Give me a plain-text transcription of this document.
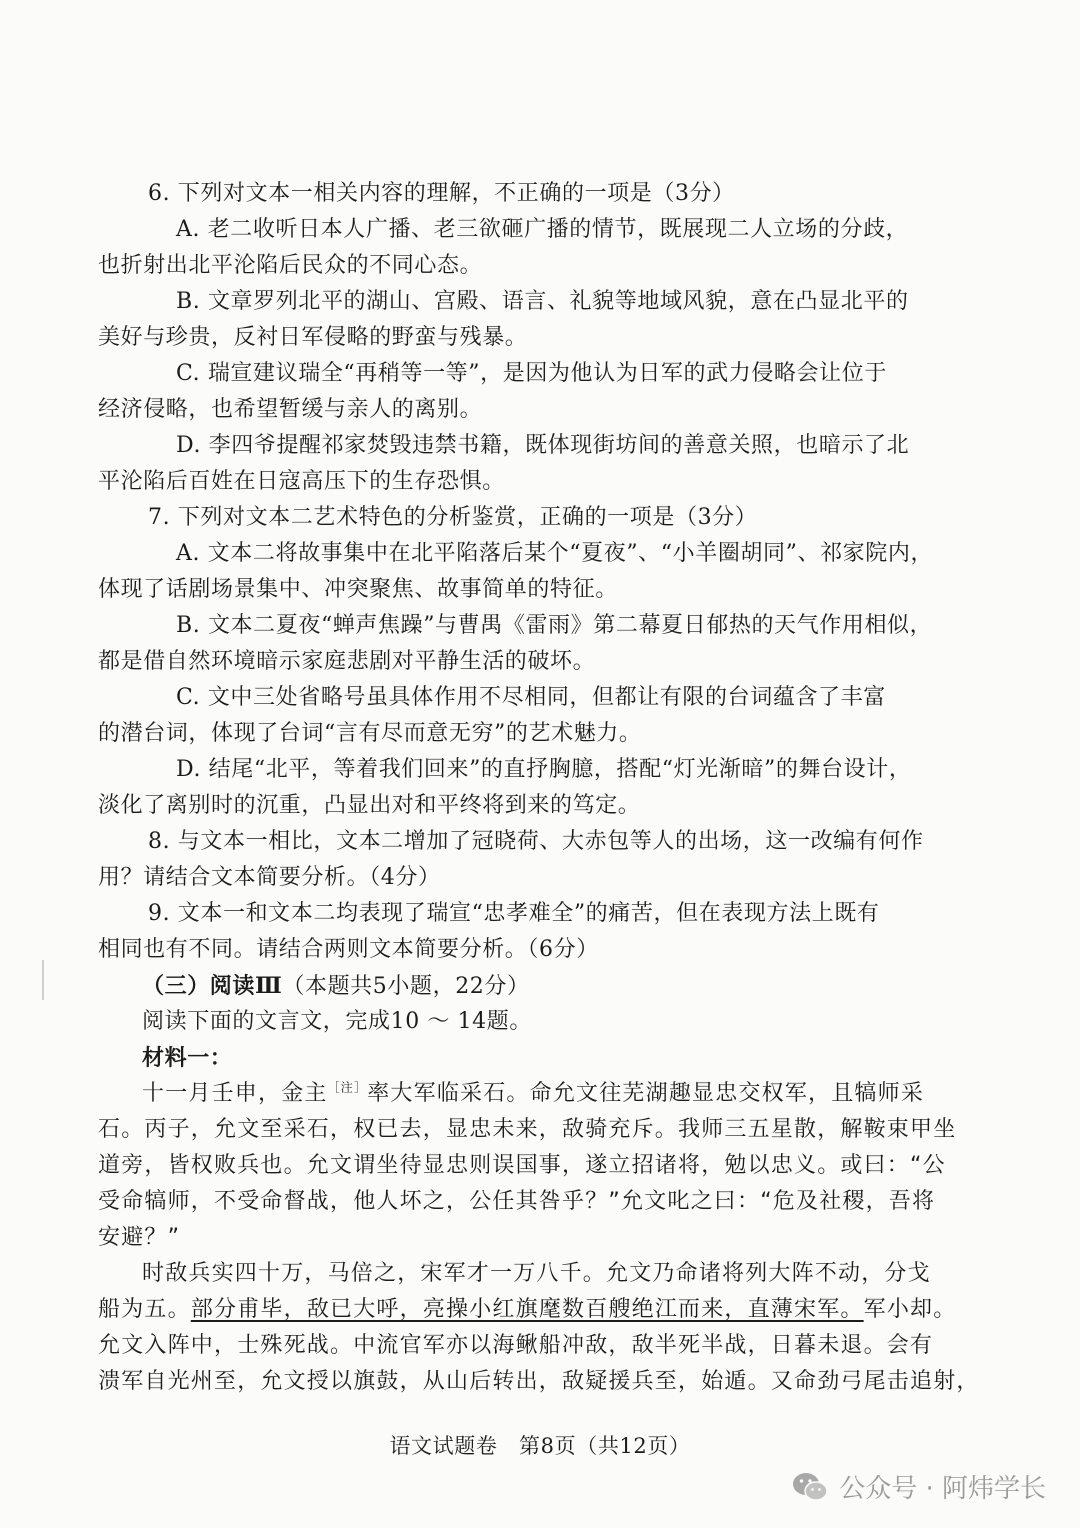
6. 下列对文本一相关内容的理解，不正确的一项是（3分）
A. 老二收听日本人广播、老三欲砸广播的情节，既展现二人立场的分歧，
也折射出北平沦陷后民众的不同心态。
B. 文章罗列北平的湖山、宫殿、语言、礼貌等地域风貌，意在凸显北平的
美好与珍贵，反衬日军侵略的野蛮与残暴。
C. 瑞宣建议瑞全“再稍等一等”，是因为他认为日军的武力侵略会让位于
经济侵略，也希望暂缓与亲人的离别。
D. 李四爷提醒祁家焚毁违禁书籍，既体现街坊间的善意关照，也暗示了北
平沦陷后百姓在日寇高压下的生存恐惧。
7. 下列对文本二艺术特色的分析鉴赏，正确的一项是（3分）
A. 文本二将故事集中在北平陷落后某个“夏夜”、“小羊圈胡同”、祁家院内，
体现了话剧场景集中、冲突聚焦、故事简单的特征。
B. 文本二夏夜“蝉声焦躁”与曹禺《雷雨》第二幕夏日郁热的天气作用相似，
都是借自然环境暗示家庭悲剧对平静生活的破坏。
C. 文中三处省略号虽具体作用不尽相同，但都让有限的台词蕴含了丰富
的潜台词，体现了台词“言有尽而意无穷”的艺术魅力。
D. 结尾“北平，等着我们回来”的直抒胸臆，搭配“灯光渐暗”的舞台设计，
淡化了离别时的沉重，凸显出对和平终将到来的笃定。
8. 与文本一相比，文本二增加了冠晓荷、大赤包等人的出场，这一改编有何作
用？请结合文本简要分析。（4分）
9. 文本一和文本二均表现了瑞宣“忠孝难全”的痛苦，但在表现方法上既有
相同也有不同。请结合两则文本简要分析。（6分）
（三）阅读Ⅲ（本题共5小题，22分）
阅读下面的文言文，完成10 ～ 14题。
材料一：
十一月壬申，金主$^{[注]}$率大军临采石。命允文往芜湖趣显忠交权军，且犒师采
石。丙子，允文至采石，权已去，显忠未来，敌骑充斥。我师三五星散，解鞍束甲坐
道旁，皆权败兵也。允文谓坐待显忠则误国事，遂立招诸将，勉以忠义。或曰：“公
受命犒师，不受命督战，他人坏之，公任其咎乎？”允文叱之曰：“危及社稷，吾将
安避？”
时敌兵实四十万，马倍之，宋军才一万八千。允文乃命诸将列大阵不动，分戈
船为五。部分甫毕，敌已大呼，亮操小红旗麾数百艘绝江而来，直薄宋军。军小却。
允文入阵中，士殊死战。中流官军亦以海鳅船冲敌，敌半死半战，日暮未退。会有
溃军自光州至，允文授以旗鼓，从山后转出，敌疑援兵至，始遁。又命劲弓尾击追射，
语文试题卷　第8页（共12页）
公众号 · 阿炜学长
